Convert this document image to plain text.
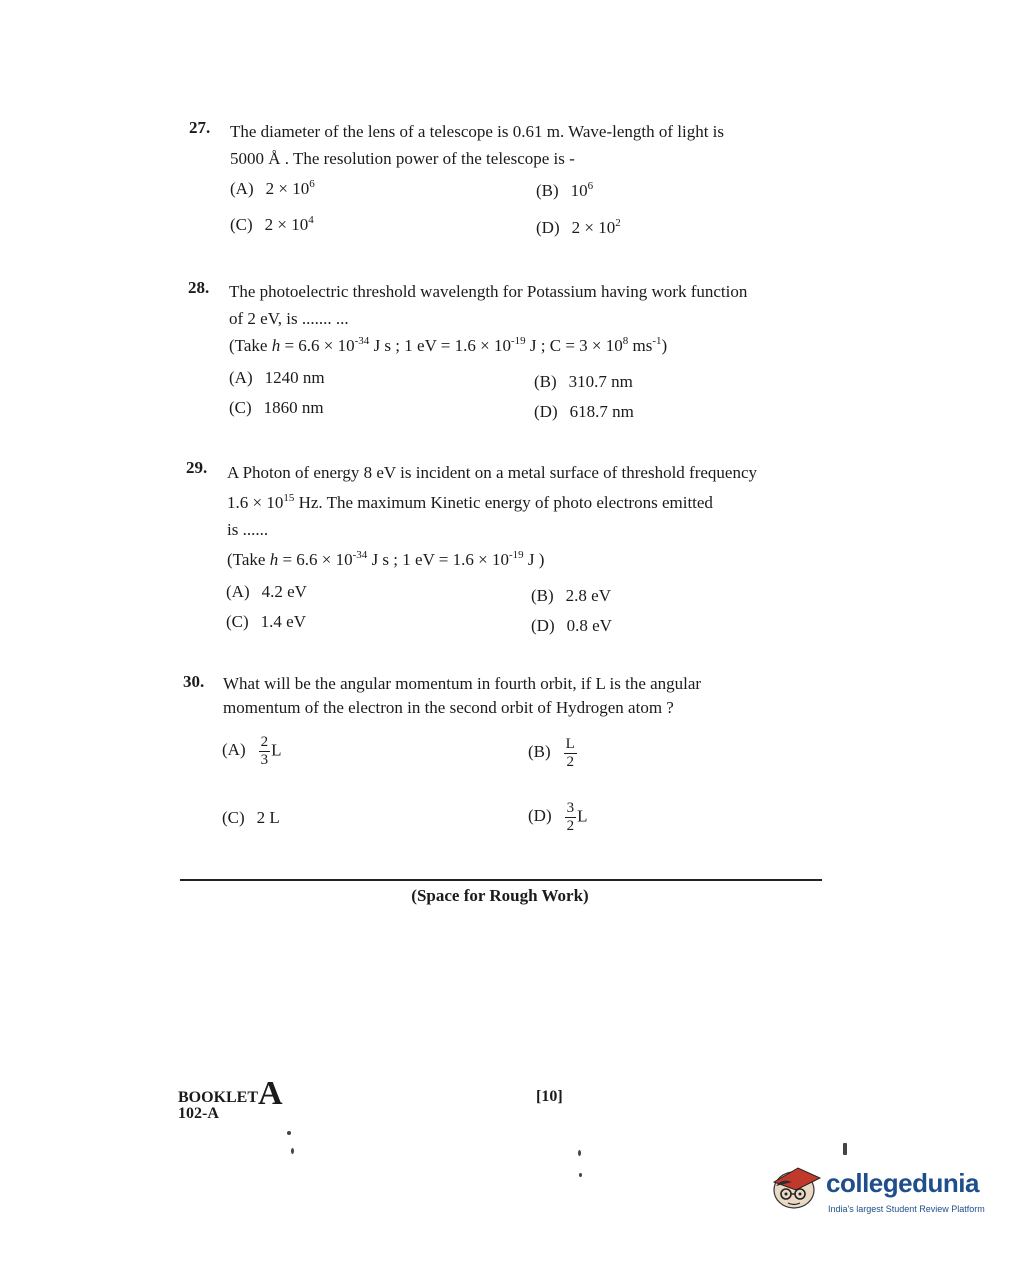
27. The diameter of the lens of a telescope is 0.61 m. Wave-length of light is
5000 Å . The resolution power of the telescope is -
(A) $2 \times 10^6$	(B) $10^6$
(C) $2 \times 10^4$	(D) $2 \times 10^2$
28. The photoelectric threshold wavelength for Potassium having work function
of 2 eV, is ....... ...
(Take $h = 6.6 \times 10^{-34}$ J s ; 1 eV = $1.6 \times 10^{-19}$ J ; $C = 3 \times 10^8$ $ms^{-1}$)
(A) 1240 nm	(B) 310.7 nm
(C) 1860 nm	(D) 618.7 nm
29. A Photon of energy 8 eV is incident on a metal surface of threshold frequency
$1.6 \times 10^{15}$ Hz. The maximum Kinetic energy of photo electrons emitted
is ......
(Take $h = 6.6 \times 10^{-34}$ J s ; 1 eV = $1.6 \times 10^{-19}$ J )
(A) 4.2 eV	(B) 2.8 eV
(C) 1.4 eV	(D) 0.8 eV
30. What will be the angular momentum in fourth orbit, if L is the angular
momentum of the electron in the second orbit of Hydrogen atom ?
$(A) \frac{2}{3}$ L	$(B) \frac{L}{2}$
(C) 2 L	$(D) \frac{3}{2}$ L
(Space for Rough Work)
BOOKLETA
102-A
[10]
collegedunia
India's largest Student Review Platform
